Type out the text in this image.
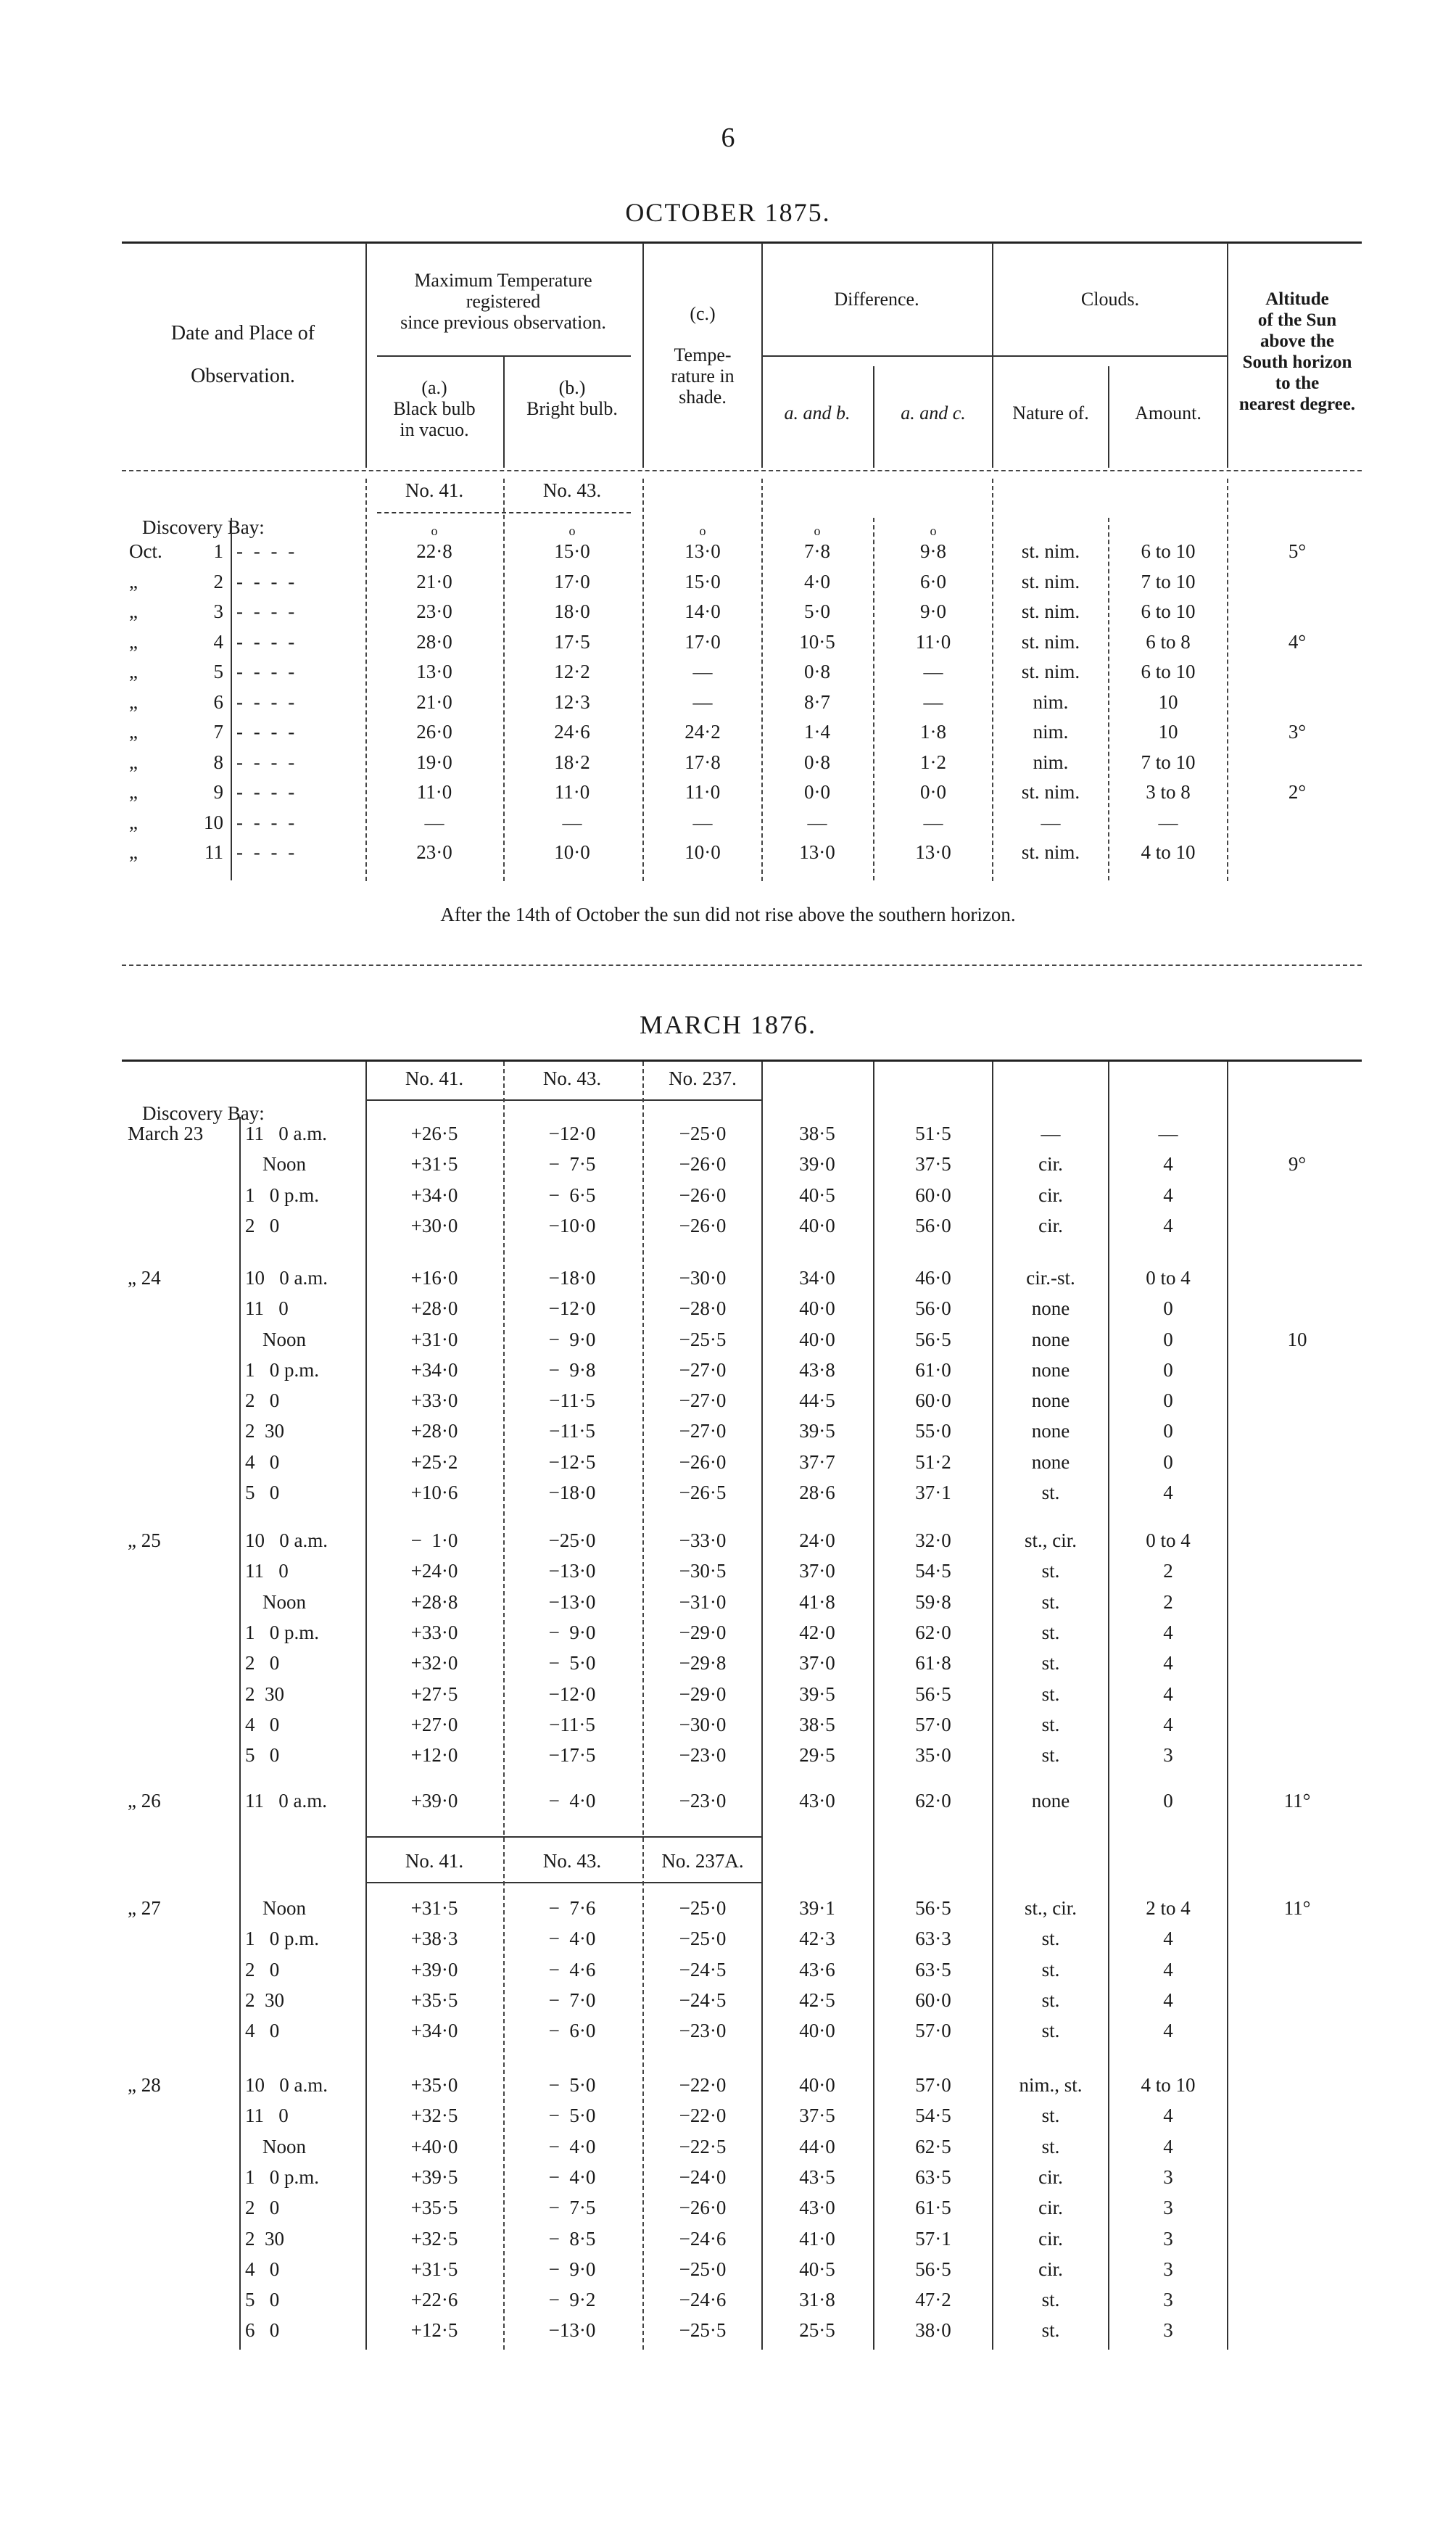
6
OCTOBER 1875.
Date and Place of
Observation.
Maximum Temperature
registered
since previous observation.
(a.)
Black bulb
in vacuo.
(b.)
Bright bulb.
(c.)
Tempe-
rature in
shade.
Difference.
a. and b.	a. and c.
Clouds.
Nature of.	Amount.
Altitude
of the Sun
above the
South horizon
to the
nearest degree.
No. 41.	No. 43.
Discovery Bay:	o	o	o	o	o
Oct.	1 - - - -	22·8	15·0	13·0	7·8	9·8	st. nim.	6 to 10	5°
„	2 - - - -	21·0	17·0	15·0	4·0	6·0	st. nim.	7 to 10
„	3 - - - -	23·0	18·0	14·0	5·0	9·0	st. nim.	6 to 10
„	4 - - - -	28·0	17·5	17·0	10·5	11·0	st. nim.	6 to 8	4°
„	5 - - - -	13·0	12·2	—	0·8	—	st. nim.	6 to 10
„	6 - - - -	21·0	12·3	—	8·7	—	nim.	10
„	7 - - - -	26·0	24·6	24·2	1·4	1·8	nim.	10	3°
„	8 - - - -	19·0	18·2	17·8	0·8	1·2	nim.	7 to 10
„	9 - - - -	11·0	11·0	11·0	0·0	0·0	st. nim.	3 to 8	2°
„	10 - - - -	—	—	—	—	—	—	—
„	11 - - - -	23·0	10·0	10·0	13·0	13·0	st. nim.	4 to 10
After the 14th of October the sun did not rise above the southern horizon.
MARCH 1876.
No. 41.	No. 43.	No. 237.
Discovery Bay:
No. 41.	No. 43.	No. 237A.
March 23 11   0 a.m.	+26·5	−12·0	−25·0	38·5	51·5	—	—
Noon	+31·5	−  7·5	−26·0	39·0	37·5	cir.	4	9°
1   0 p.m.	+34·0	−  6·5	−26·0	40·5	60·0	cir.	4
2   0	+30·0	−10·0	−26·0	40·0	56·0	cir.	4
„ 24	10   0 a.m.	+16·0	−18·0	−30·0	34·0	46·0	cir.-st.	0 to 4
11   0	+28·0	−12·0	−28·0	40·0	56·0	none	0
Noon	+31·0	−  9·0	−25·5	40·0	56·5	none	0	10
1   0 p.m.	+34·0	−  9·8	−27·0	43·8	61·0	none	0
2   0	+33·0	−11·5	−27·0	44·5	60·0	none	0
2  30	+28·0	−11·5	−27·0	39·5	55·0	none	0
4   0	+25·2	−12·5	−26·0	37·7	51·2	none	0
5   0	+10·6	−18·0	−26·5	28·6	37·1	st.	4
„ 25	10   0 a.m.	−  1·0	−25·0	−33·0	24·0	32·0	st., cir.	0 to 4
11   0	+24·0	−13·0	−30·5	37·0	54·5	st.	2
Noon	+28·8	−13·0	−31·0	41·8	59·8	st.	2
1   0 p.m.	+33·0	−  9·0	−29·0	42·0	62·0	st.	4
2   0	+32·0	−  5·0	−29·8	37·0	61·8	st.	4
2  30	+27·5	−12·0	−29·0	39·5	56·5	st.	4
4   0	+27·0	−11·5	−30·0	38·5	57·0	st.	4
5   0	+12·0	−17·5	−23·0	29·5	35·0	st.	3
„ 26	11   0 a.m.	+39·0	−  4·0	−23·0	43·0	62·0	none	0	11°
„ 27	Noon	+31·5	−  7·6	−25·0	39·1	56·5	st., cir.	2 to 4	11°
1   0 p.m.	+38·3	−  4·0	−25·0	42·3	63·3	st.	4
2   0	+39·0	−  4·6	−24·5	43·6	63·5	st.	4
2  30	+35·5	−  7·0	−24·5	42·5	60·0	st.	4
4   0	+34·0	−  6·0	−23·0	40·0	57·0	st.	4
„ 28	10   0 a.m.	+35·0	−  5·0	−22·0	40·0	57·0	nim., st.	4 to 10
11   0	+32·5	−  5·0	−22·0	37·5	54·5	st.	4
Noon	+40·0	−  4·0	−22·5	44·0	62·5	st.	4
1   0 p.m.	+39·5	−  4·0	−24·0	43·5	63·5	cir.	3
2   0	+35·5	−  7·5	−26·0	43·0	61·5	cir.	3
2  30	+32·5	−  8·5	−24·6	41·0	57·1	cir.	3
4   0	+31·5	−  9·0	−25·0	40·5	56·5	cir.	3
5   0	+22·6	−  9·2	−24·6	31·8	47·2	st.	3
6   0	+12·5	−13·0	−25·5	25·5	38·0	st.	3
